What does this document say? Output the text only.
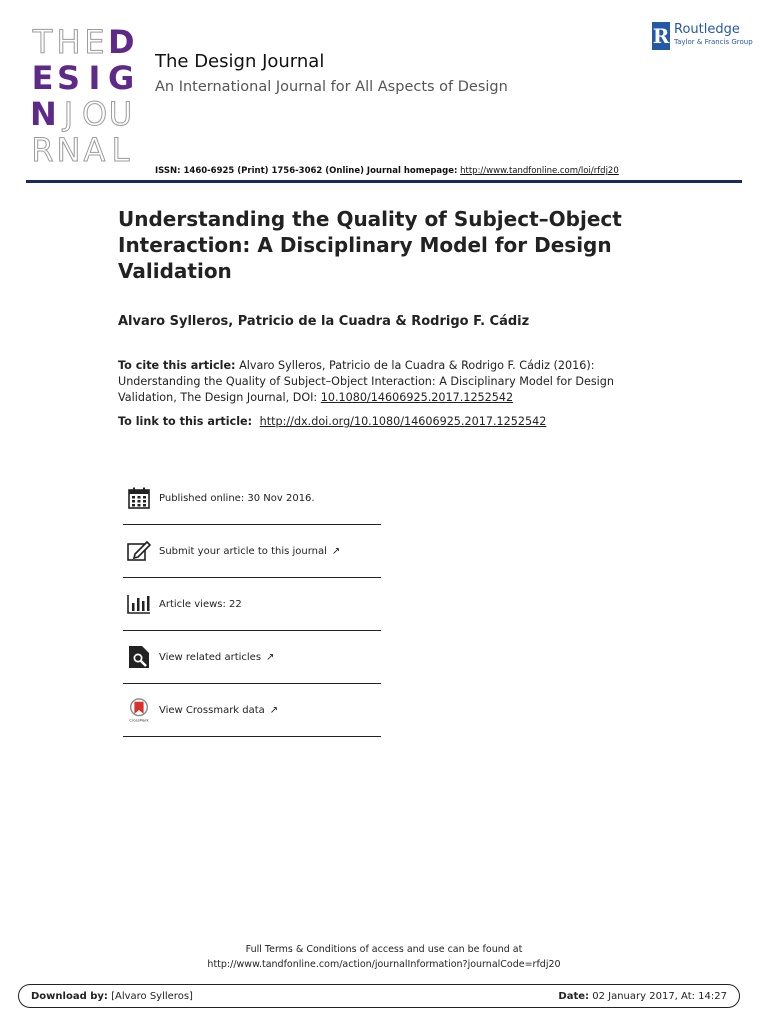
T H E D
E S I G
N J O U
R N A L
The Design Journal
An International Journal for All Aspects of Design
R Routledge
Taylor & Francis Group
ISSN: 1460-6925 (Print) 1756-3062 (Online) Journal homepage: http://www.tandfonline.com/loi/rfdj20
Understanding the Quality of Subject–Object Interaction: A Disciplinary Model for Design Validation
Alvaro Sylleros, Patricio de la Cuadra & Rodrigo F. Cádiz
To cite this article: Alvaro Sylleros, Patricio de la Cuadra & Rodrigo F. Cádiz (2016): Understanding the Quality of Subject–Object Interaction: A Disciplinary Model for Design Validation, The Design Journal, DOI: 10.1080/14606925.2017.1252542
To link to this article: http://dx.doi.org/10.1080/14606925.2017.1252542
Published online: 30 Nov 2016.
Submit your article to this journal ↗
Article views: 22
View related articles ↗
CrossMark
View Crossmark data ↗
Full Terms & Conditions of access and use can be found at
http://www.tandfonline.com/action/journalInformation?journalCode=rfdj20
Download by: [Alvaro Sylleros]	Date: 02 January 2017, At: 14:27
